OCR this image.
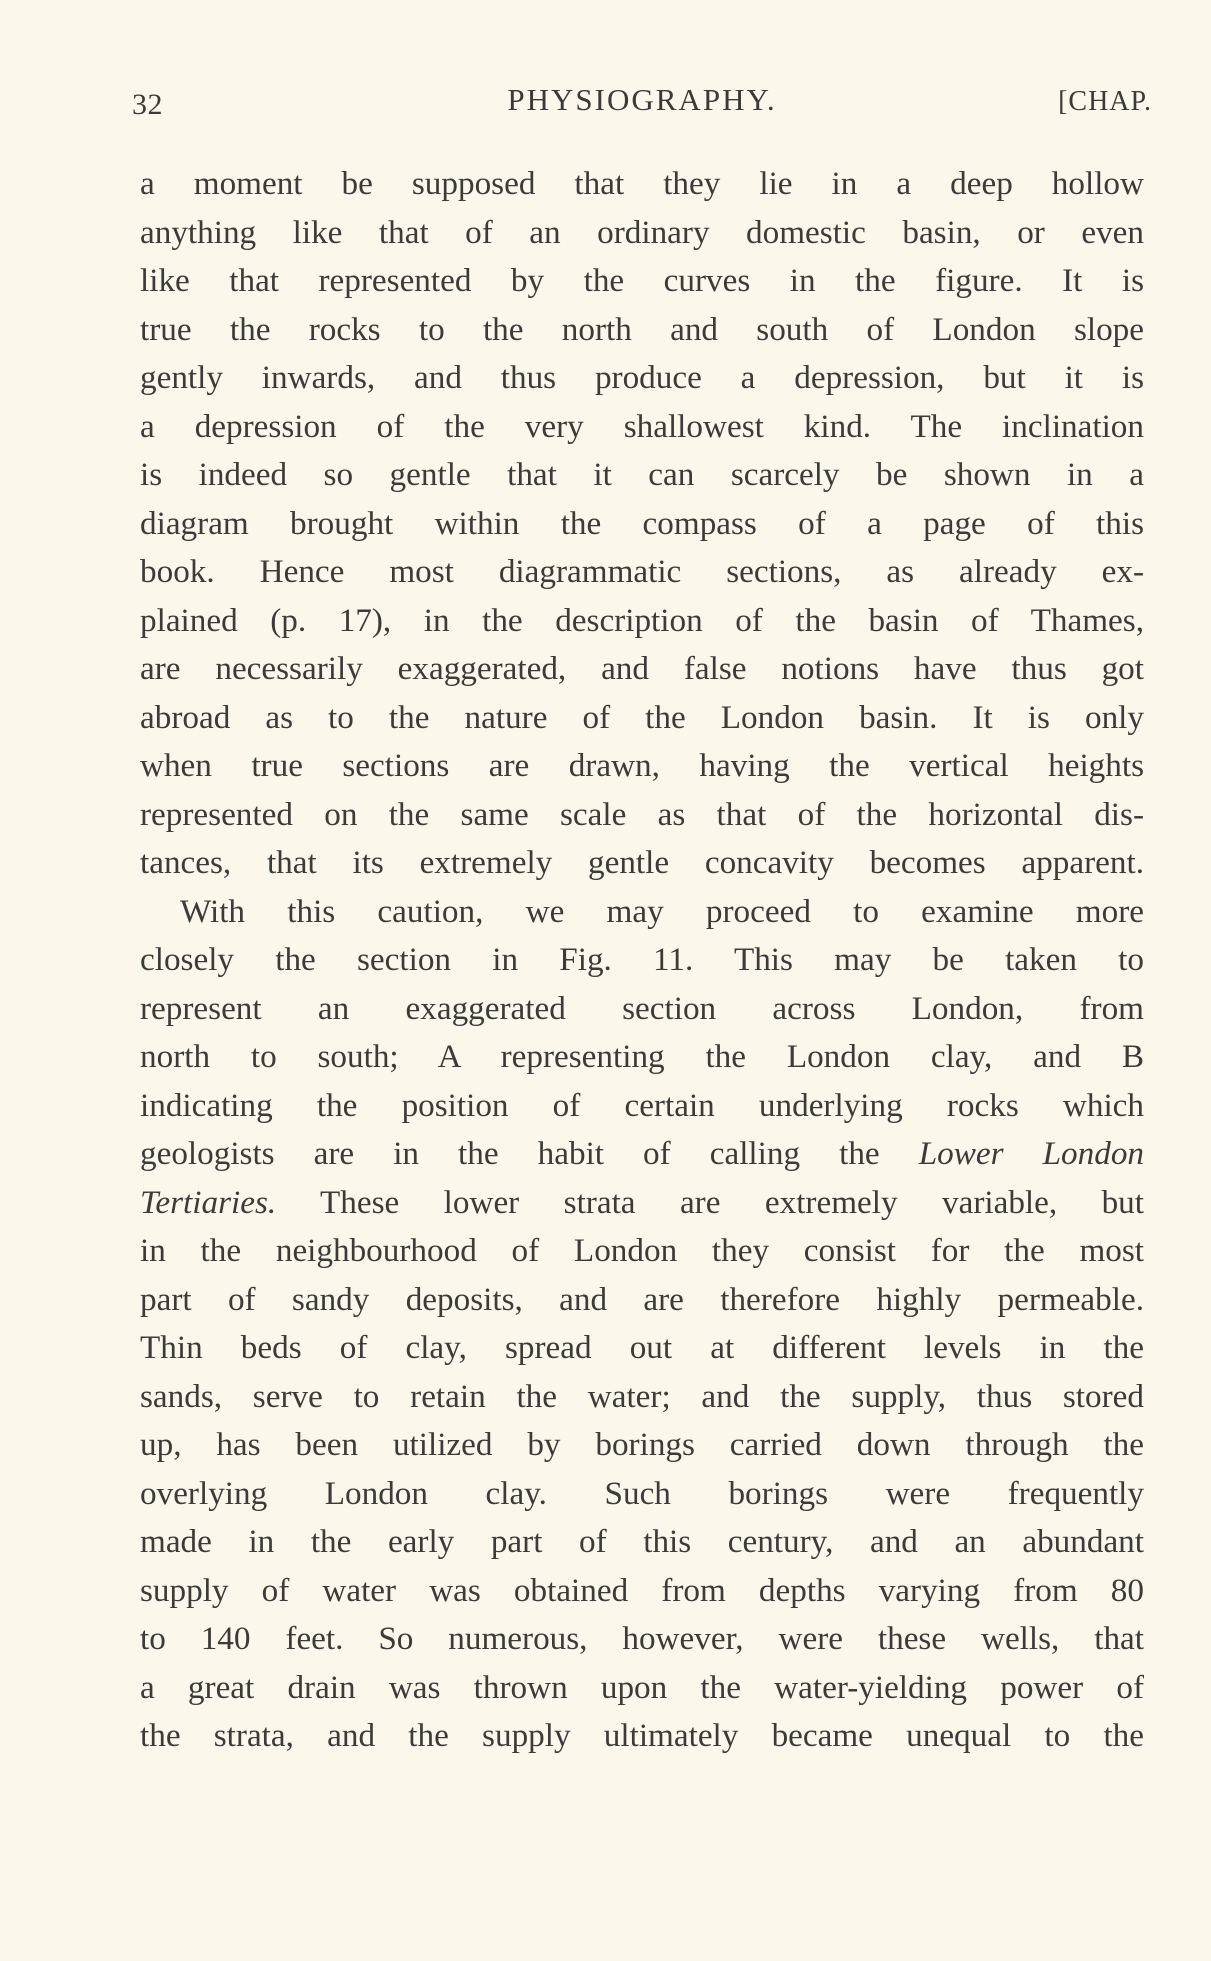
32	PHYSIOGRAPHY.	[CHAP.
a moment be supposed that they lie in a deep hollow
anything like that of an ordinary domestic basin, or even
like that represented by the curves in the figure. It is
true the rocks to the north and south of London slope
gently inwards, and thus produce a depression, but it is
a depression of the very shallowest kind. The inclination
is indeed so gentle that it can scarcely be shown in a
diagram brought within the compass of a page of this
book. Hence most diagrammatic sections, as already ex-
plained (p. 17), in the description of the basin of Thames,
are necessarily exaggerated, and false notions have thus got
abroad as to the nature of the London basin. It is only
when true sections are drawn, having the vertical heights
represented on the same scale as that of the horizontal dis-
tances, that its extremely gentle concavity becomes apparent.
With this caution, we may proceed to examine more
closely the section in Fig. 11. This may be taken to
represent an exaggerated section across London, from
north to south; A representing the London clay, and B
indicating the position of certain underlying rocks which
geologists are in the habit of calling the Lower London
Tertiaries. These lower strata are extremely variable, but
in the neighbourhood of London they consist for the most
part of sandy deposits, and are therefore highly permeable.
Thin beds of clay, spread out at different levels in the
sands, serve to retain the water; and the supply, thus stored
up, has been utilized by borings carried down through the
overlying London clay. Such borings were frequently
made in the early part of this century, and an abundant
supply of water was obtained from depths varying from 80
to 140 feet. So numerous, however, were these wells, that
a great drain was thrown upon the water-yielding power of
the strata, and the supply ultimately became unequal to the
